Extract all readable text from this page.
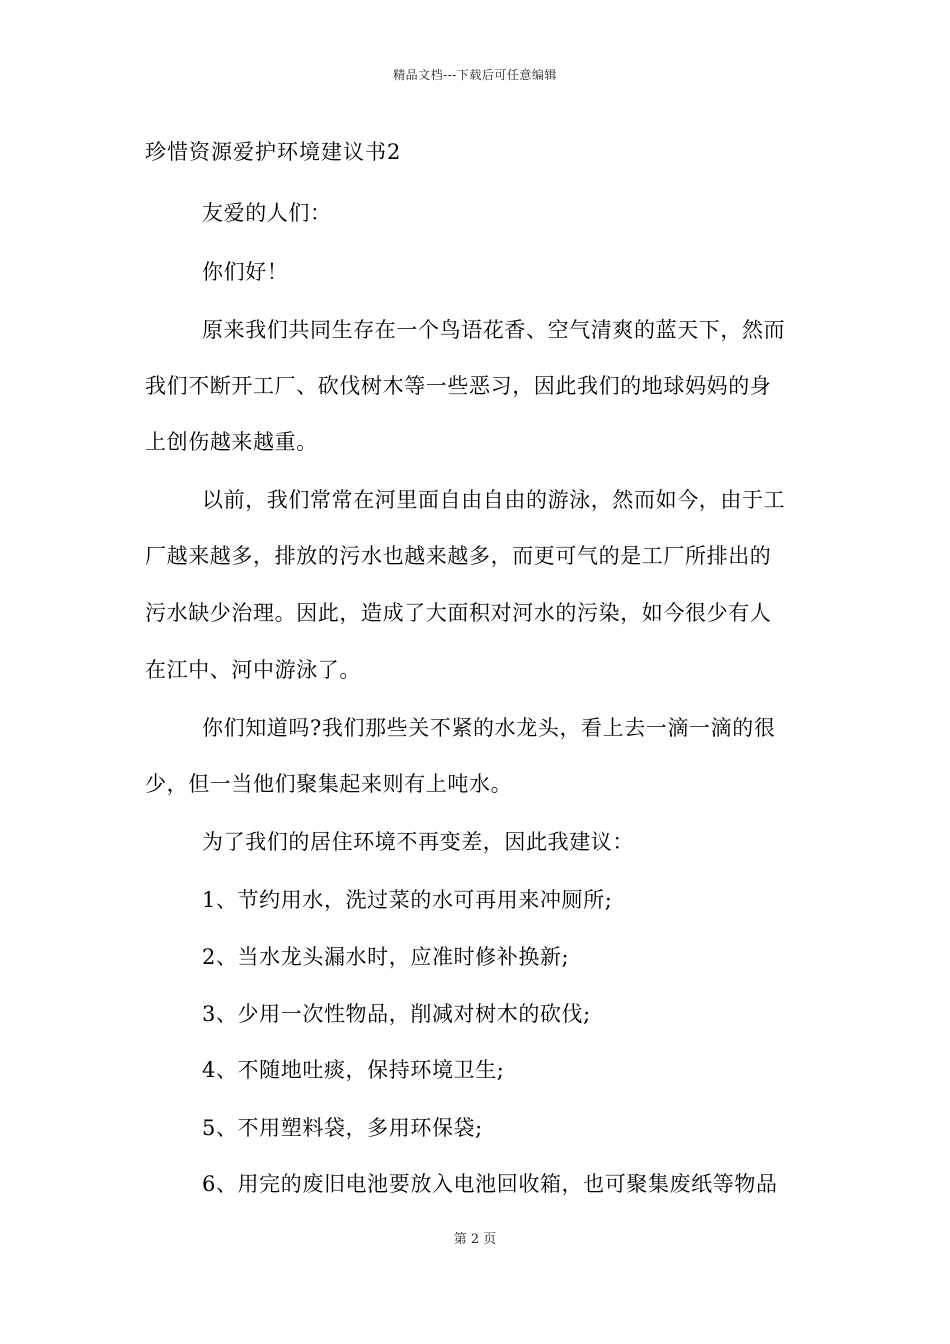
精品文档---下载后可任意编辑
珍惜资源爱护环境建议书2
友爱的人们：
你们好！
原来我们共同生存在一个鸟语花香、空气清爽的蓝天下，然而
我们不断开工厂、砍伐树木等一些恶习，因此我们的地球妈妈的身
上创伤越来越重。
以前，我们常常在河里面自由自由的游泳，然而如今，由于工
厂越来越多，排放的污水也越来越多，而更可气的是工厂所排出的
污水缺少治理。因此，造成了大面积对河水的污染，如今很少有人
在江中、河中游泳了。
你们知道吗?我们那些关不紧的水龙头，看上去一滴一滴的很
少，但一当他们聚集起来则有上吨水。
为了我们的居住环境不再变差，因此我建议：
1、节约用水，洗过菜的水可再用来冲厕所;
2、当水龙头漏水时，应准时修补换新;
3、少用一次性物品，削减对树木的砍伐;
4、不随地吐痰，保持环境卫生;
5、不用塑料袋，多用环保袋;
6、用完的废旧电池要放入电池回收箱，也可聚集废纸等物品
第 2 页
